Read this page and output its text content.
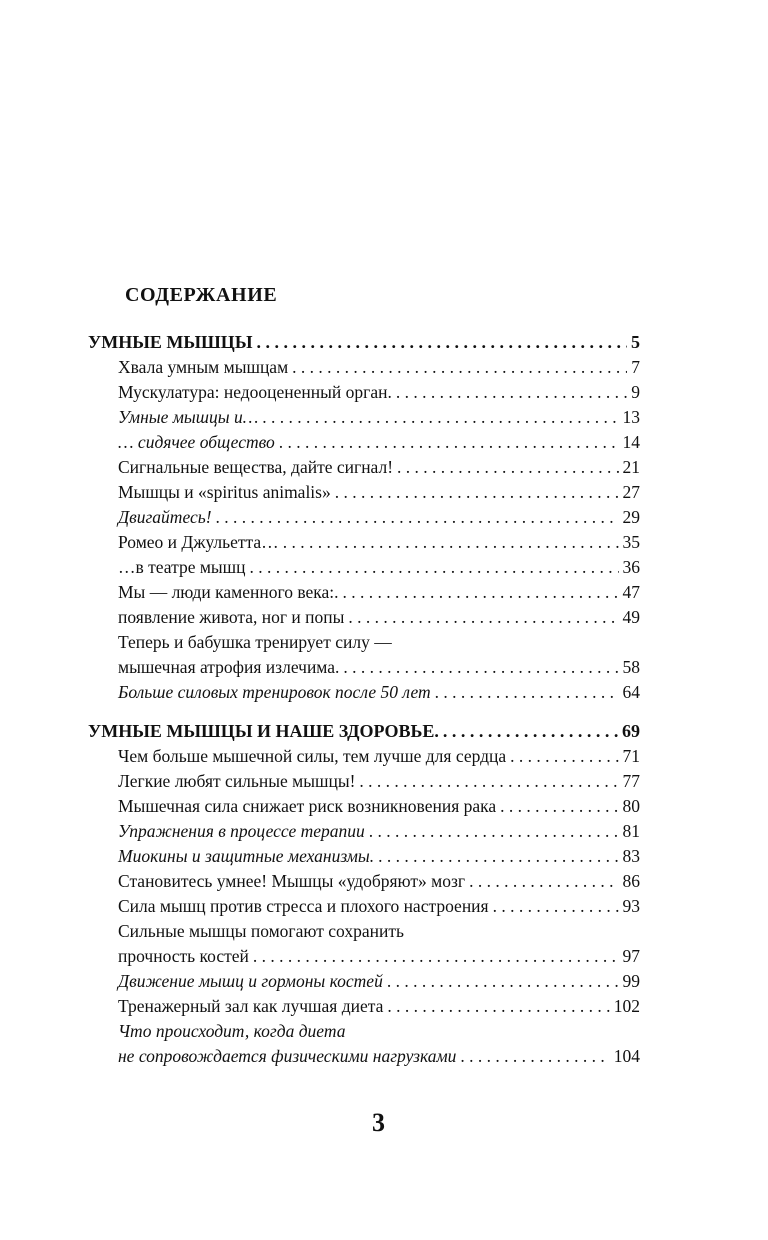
СОДЕРЖАНИЕ
УМНЫЕ МЫШЦЫ . . .	5
Хвала умным мышцам . . .	7
Мускулатура: недооцененный орган. . . .	9
Умные мышцы и… . . .	13
… сидячее общество . . .	14
Сигнальные вещества, дайте сигнал! . . .	21
Мышцы и «spiritus animalis» . . .	27
Двигайтесь! . . .	29
Ромео и Джульетта… . . .	35
…в театре мышц . . .	36
Мы — люди каменного века:. . . .	47
появление живота, ног и попы . . .	49
Теперь и бабушка тренирует силу —
мышечная атрофия излечима. . . .	58
Больше силовых тренировок после 50 лет . . .	64
УМНЫЕ МЫШЦЫ И НАШЕ ЗДОРОВЬЕ. . . .	69
Чем больше мышечной силы, тем лучше для сердца . . .	71
Легкие любят сильные мышцы! . . .	77
Мышечная сила снижает риск возникновения рака . . .	80
Упражнения в процессе терапии . . .	81
Миокины и защитные механизмы. . . .	83
Становитесь умнее! Мышцы «удобряют» мозг . . .	86
Сила мышц против стресса и плохого настроения . . .	93
Сильные мышцы помогают сохранить
прочность костей . . .	97
Движение мышц и гормоны костей . . .	99
Тренажерный зал как лучшая диета . . .	102
Что происходит, когда диета
не сопровождается физическими нагрузками . . .	104
3
